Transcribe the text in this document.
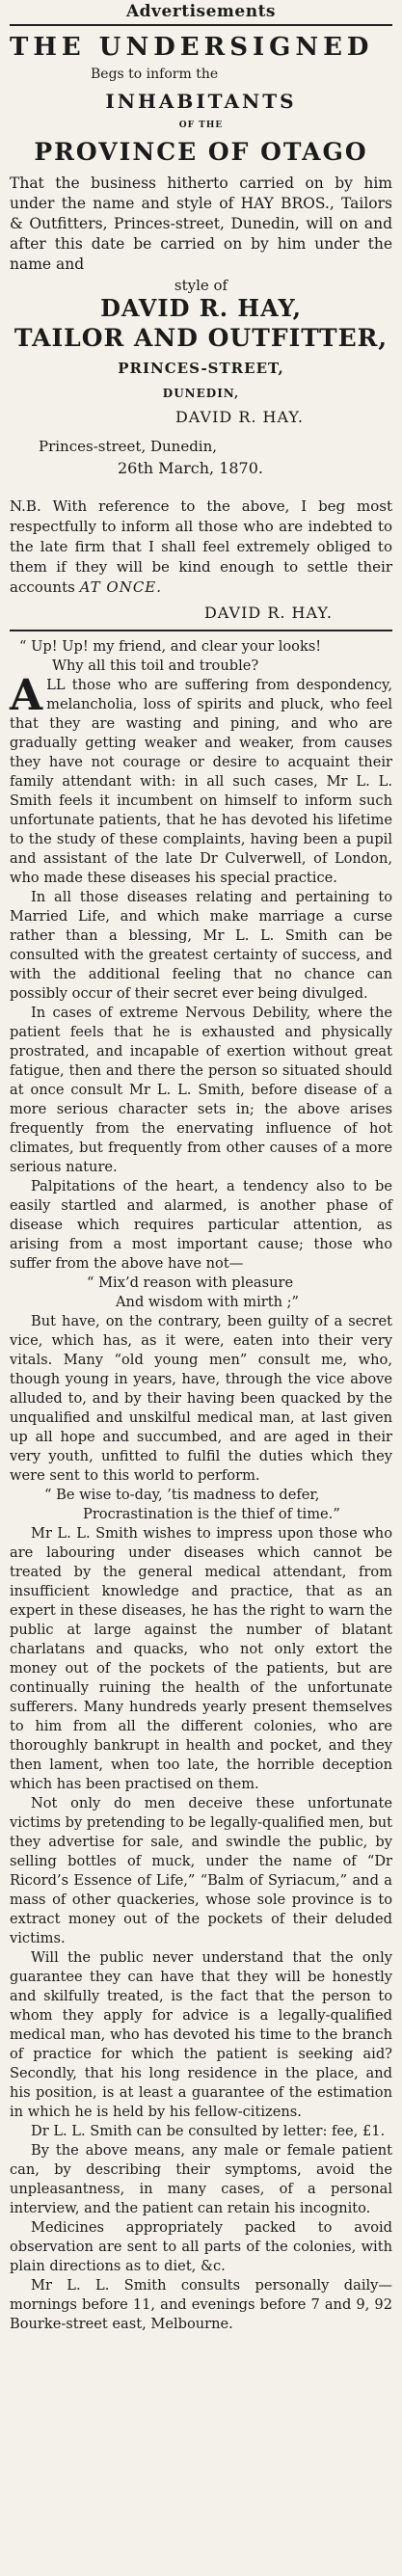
Advertisements
THE UNDERSIGNED
Begs to inform the
INHABITANTS
OF THE
PROVINCE OF OTAGO
That the business hitherto carried on by him under the name and style of HAY BROS., Tailors & Outfitters, Princes-street, Dunedin, will on and after this date be carried on by him under the name and
style of
DAVID R. HAY,
TAILOR AND OUTFITTER,
PRINCES-STREET,
DUNEDIN,
DAVID R. HAY.
Princes-street, Dunedin,
26th March, 1870.
N.B. With reference to the above, I beg most respectfully to inform all those who are indebted to the late firm that I shall feel extremely obliged to them if they will be kind enough to settle their accounts AT ONCE.
DAVID R. HAY.

“ Up! Up! my friend, and clear your looks!

Why all this toil and trouble?

ALL those who are suffering from despondency, melancholia, loss of spirits and pluck, who feel that they are wasting and pining, and who are gradually getting weaker and weaker, from causes they have not courage or desire to acquaint their family attendant with: in all such cases, Mr L. L. Smith feels it incumbent on himself to inform such unfortunate patients, that he has devoted his lifetime to the study of these complaints, having been a pupil and assistant of the late Dr Culverwell, of London, who made these diseases his special practice.

In all those diseases relating and pertaining to Married Life, and which make marriage a curse rather than a blessing, Mr L. L. Smith can be consulted with the greatest certainty of success, and with the additional feeling that no chance can possibly occur of their secret ever being divulged.

In cases of extreme Nervous Debility, where the patient feels that he is exhausted and physically prostrated, and incapable of exertion without great fatigue, then and there the person so situated should at once consult Mr L. L. Smith, before disease of a more serious character sets in; the above arises frequently from the enervating influence of hot climates, but frequently from other causes of a more serious nature.

Palpitations of the heart, a tendency also to be easily startled and alarmed, is another phase of disease which requires particular attention, as arising from a most important cause; those who suffer from the above have not—

“ Mix’d reason with pleasure

And wisdom with mirth ;”

But have, on the contrary, been guilty of a secret vice, which has, as it were, eaten into their very vitals. Many “old young men” consult me, who, though young in years, have, through the vice above alluded to, and by their having been quacked by the unqualified and unskilful medical man, at last given up all hope and succumbed, and are aged in their very youth, unfitted to fulfil the duties which they were sent to this world to perform.

“ Be wise to-day, ’tis madness to defer,

Procrastination is the thief of time.”

Mr L. L. Smith wishes to impress upon those who are labouring under diseases which cannot be treated by the general medical attendant, from insufficient knowledge and practice, that as an expert in these diseases, he has the right to warn the public at large against the number of blatant charlatans and quacks, who not only extort the money out of the pockets of the patients, but are continually ruining the health of the unfortunate sufferers. Many hundreds yearly present themselves to him from all the different colonies, who are thoroughly bankrupt in health and pocket, and they then lament, when too late, the horrible deception which has been practised on them.

Not only do men deceive these unfortunate victims by pretending to be legally-qualified men, but they advertise for sale, and swindle the public, by selling bottles of muck, under the name of “Dr Ricord’s Essence of Life,” “Balm of Syriacum,” and a mass of other quackeries, whose sole province is to extract money out of the pockets of their deluded victims.

Will the public never understand that the only guarantee they can have that they will be honestly and skilfully treated, is the fact that the person to whom they apply for advice is a legally-qualified medical man, who has devoted his time to the branch of practice for which the patient is seeking aid? Secondly, that his long residence in the place, and his position, is at least a guarantee of the estimation in which he is held by his fellow-citizens.

Dr L. L. Smith can be consulted by letter: fee, £1.

By the above means, any male or female patient can, by describing their symptoms, avoid the unpleasantness, in many cases, of a personal interview, and the patient can retain his incognito.

Medicines appropriately packed to avoid observation are sent to all parts of the colonies, with plain directions as to diet, &c.

Mr L. L. Smith consults personally daily—mornings before 11, and evenings before 7 and 9, 92 Bourke-street east, Melbourne.
